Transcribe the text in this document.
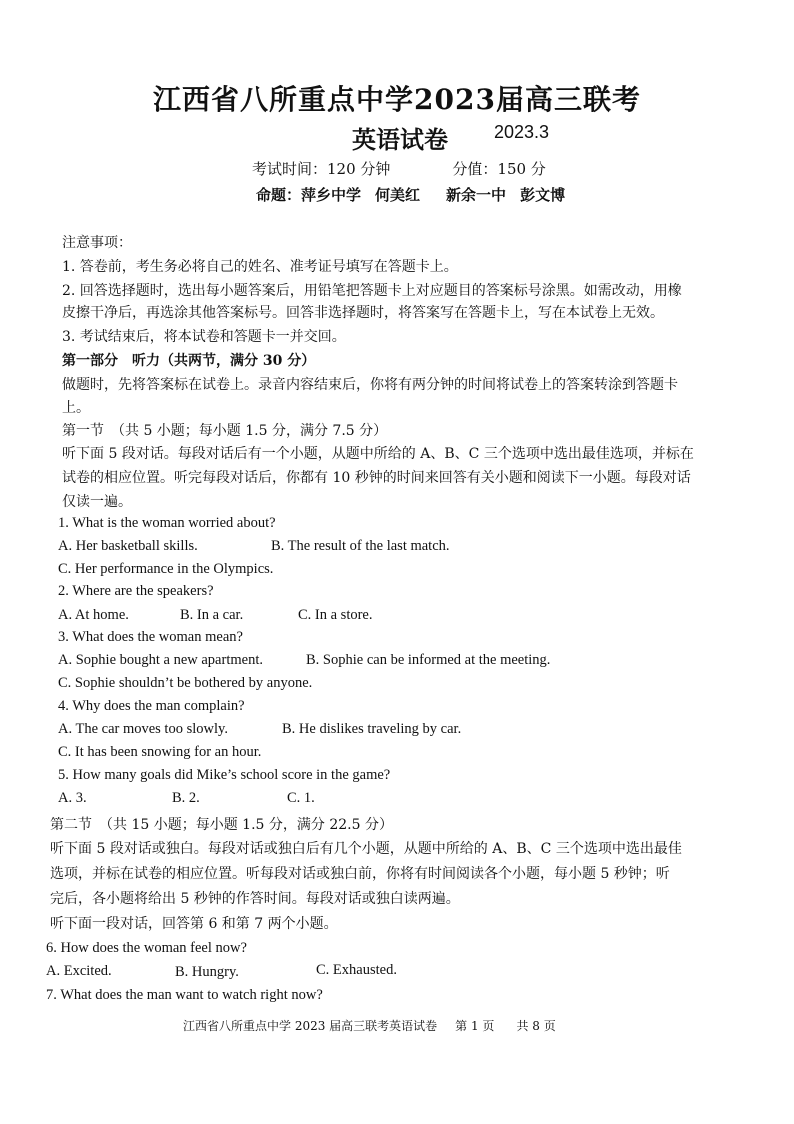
江西省八所重点中学2023届高三联考
英语试卷	2023.3
考试时间：120 分钟	分值：150 分
命题：萍乡中学 何美红 新余一中 彭文博
注意事项：
1. 答卷前，考生务必将自己的姓名、准考证号填写在答题卡上。
2. 回答选择题时，选出每小题答案后，用铅笔把答题卡上对应题目的答案标号涂黑。如需改动，用橡
皮擦干净后，再选涂其他答案标号。回答非选择题时，将答案写在答题卡上，写在本试卷上无效。
3. 考试结束后，将本试卷和答题卡一并交回。
第一部分　听力（共两节，满分 30 分）
做题时，先将答案标在试卷上。录音内容结束后，你将有两分钟的时间将试卷上的答案转涂到答题卡
上。
第一节　（共 5 小题；每小题 1.5 分，满分 7.5 分）
听下面 5 段对话。每段对话后有一个小题，从题中所给的 A、B、C 三个选项中选出最佳选项，并标在
试卷的相应位置。听完每段对话后，你都有 10 秒钟的时间来回答有关小题和阅读下一小题。每段对话
仅读一遍。
1. What is the woman worried about?
A. Her basketball skills.	B. The result of the last match.
C. Her performance in the Olympics.
2. Where are the speakers?
A. At home.	B. In a car.	C. In a store.
3. What does the woman mean?
A. Sophie bought a new apartment.	B. Sophie can be informed at the meeting.
C. Sophie shouldn’t be bothered by anyone.
4. Why does the man complain?
A. The car moves too slowly.	B. He dislikes traveling by car.
C. It has been snowing for an hour.
5. How many goals did Mike’s school score in the game?
A. 3.	B. 2.	C. 1.
第二节　（共 15 小题；每小题 1.5 分，满分 22.5 分）
听下面 5 段对话或独白。每段对话或独白后有几个小题，从题中所给的 A、B、C 三个选项中选出最佳
选项，并标在试卷的相应位置。听每段对话或独白前，你将有时间阅读各个小题，每小题 5 秒钟；听
完后，各小题将给出 5 秒钟的作答时间。每段对话或独白读两遍。
听下面一段对话，回答第 6 和第 7 两个小题。
6. How does the woman feel now?
A. Excited.	B. Hungry.	C. Exhausted.
7. What does the man want to watch right now?
江西省八所重点中学 2023 届高三联考英语试卷 第 1 页 共 8 页
